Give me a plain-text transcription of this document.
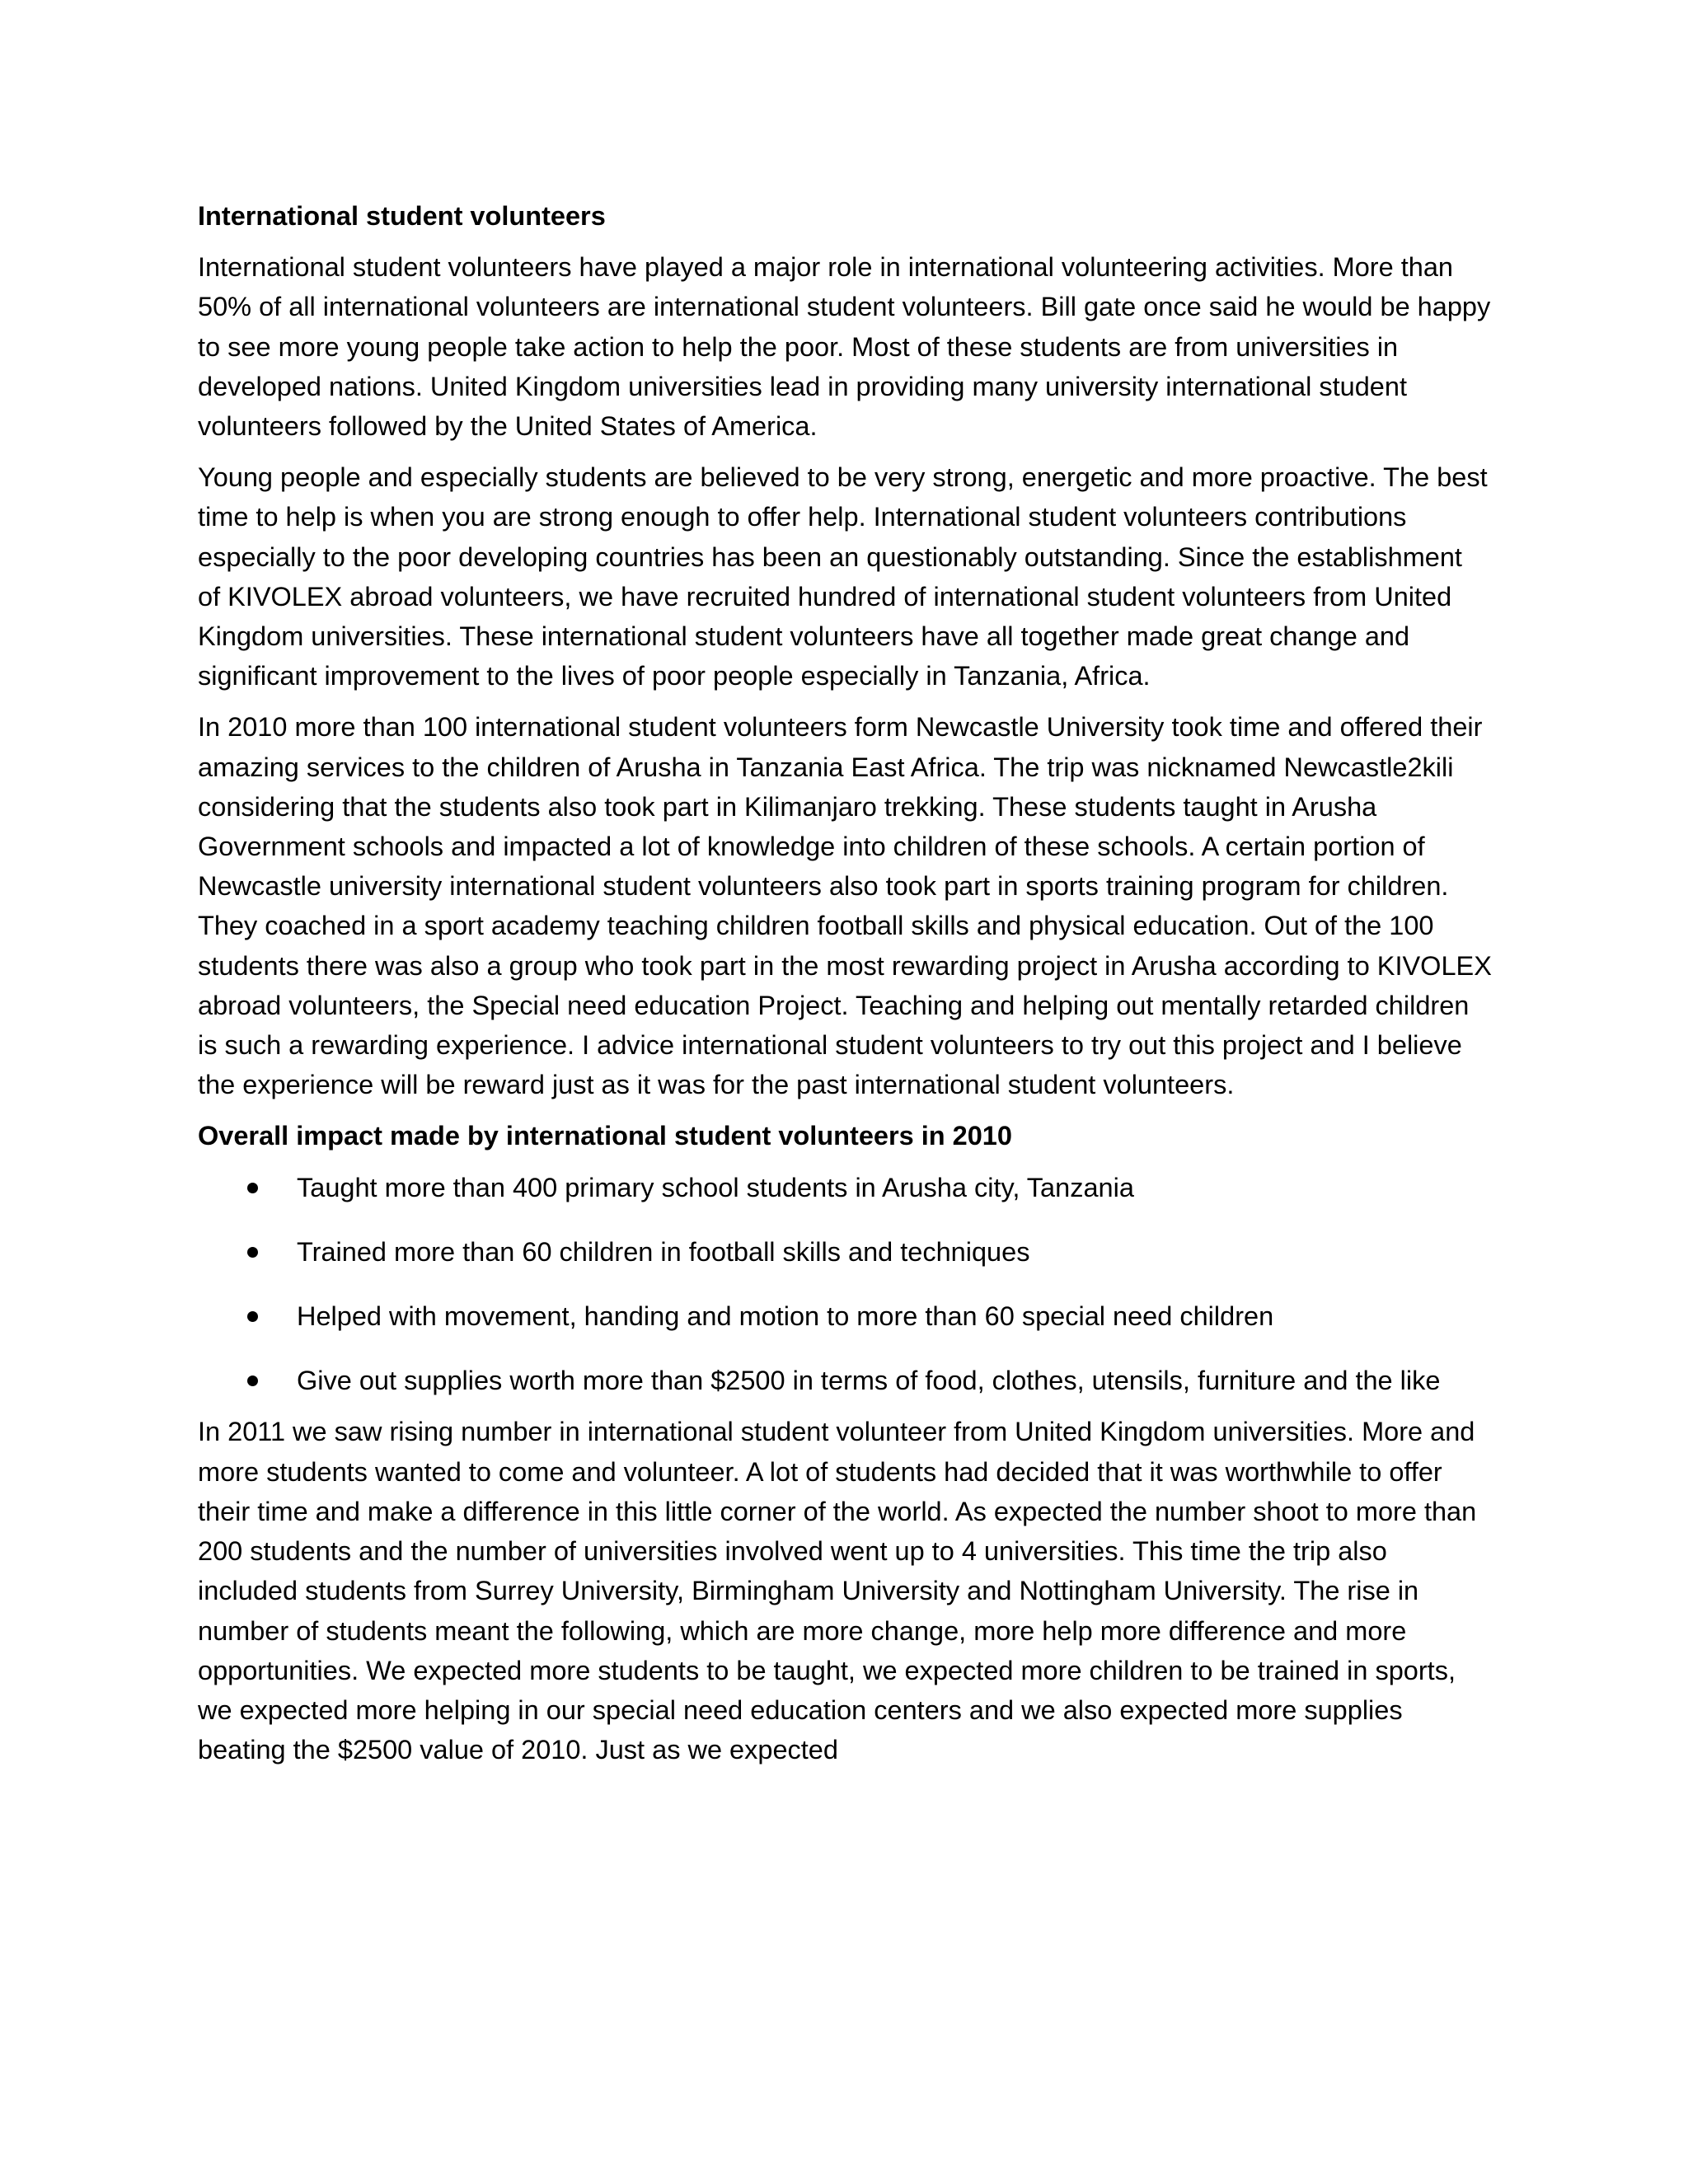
International student volunteers

International student volunteers have played a major role in international volunteering activities. More than 50% of all international volunteers are international student volunteers. Bill gate once said he would be happy to see more young people take action to help the poor. Most of these students are from universities in developed nations. United Kingdom universities lead in providing many university international student volunteers followed by the United States of America.

Young people and especially students are believed to be very strong, energetic and more proactive. The best time to help is when you are strong enough to offer help. International student volunteers contributions especially to the poor developing countries has been an questionably outstanding. Since the establishment of KIVOLEX abroad volunteers, we have recruited hundred of international student volunteers from United Kingdom universities. These international student volunteers have all together made great change and significant improvement to the lives of poor people especially in Tanzania, Africa.

In 2010 more than 100 international student volunteers form Newcastle University took time and offered their amazing services to the children of Arusha in Tanzania East Africa. The trip was nicknamed Newcastle2kili considering that the students also took part in Kilimanjaro trekking. These students taught in Arusha Government schools and impacted a lot of knowledge into children of these schools. A certain portion of Newcastle university international student volunteers also took part in sports training program for children. They coached in a sport academy teaching children football skills and physical education. Out of the 100 students there was also a group who took part in the most rewarding project in Arusha according to KIVOLEX abroad volunteers, the Special need education Project. Teaching and helping out mentally retarded children is such a rewarding experience. I advice international student volunteers to try out this project and I believe the experience will be reward just as it was for the past international student volunteers.

Overall impact made by international student volunteers in 2010
Taught more than 400 primary school students in Arusha city, Tanzania
Trained more than 60 children in football skills and techniques
Helped with movement, handing and motion to more than 60 special need children
Give out supplies worth more than $2500 in terms of food, clothes, utensils, furniture and the like

In 2011 we saw rising number in international student volunteer from United Kingdom universities. More and more students wanted to come and volunteer. A lot of students had decided that it was worthwhile to offer their time and make a difference in this little corner of the world. As expected the number shoot to more than 200 students and the number of universities involved went up to 4 universities. This time the trip also included students from Surrey University, Birmingham University and Nottingham University. The rise in number of students meant the following, which are more change, more help more difference and more opportunities. We expected more students to be taught, we expected more children to be trained in sports, we expected more helping in our special need education centers and we also expected more supplies beating the $2500 value of 2010. Just as we expected
